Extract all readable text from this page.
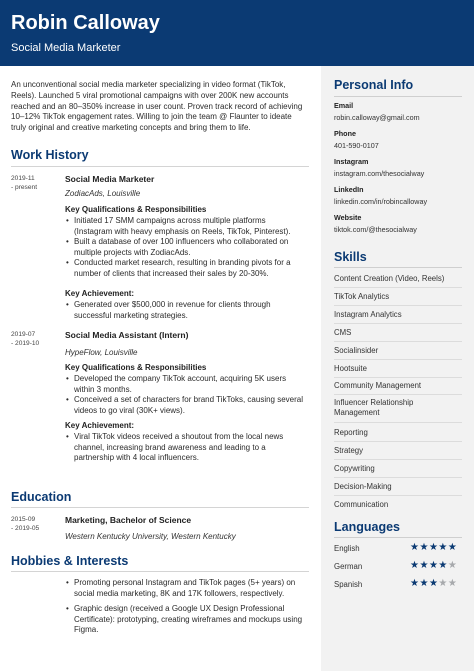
Robin Calloway
Social Media Marketer

An unconventional social media marketer specializing in video format (TikTok, Reels). Launched 5 viral promotional campaigns with over 200K new accounts reached and an 80–350% increase in user count. Proven track record of achieving 10–12% TikTok engagement rates. Willing to join the team @ Flaunter to ideate truly original and creative marketing concepts and bring them to life.

Work History
2019-11
- present
Social Media Marketer
ZodiacAds, Louisville
Key Qualifications & Responsibilities
• Initiated 17 SMM campaigns across multiple platforms (Instagram with heavy emphasis on Reels, TikTok, Pinterest).
• Built a database of over 100 influencers who collaborated on multiple projects with ZodiacAds.
• Conducted market research, resulting in branding pivots for a number of clients that increased their sales by 20-30%.
Key Achievement:
• Generated over $500,000 in revenue for clients through successful marketing strategies.
2019-07
- 2019-10
Social Media Assistant (Intern)
HypeFlow, Louisville
Key Qualifications & Responsibilities
• Developed the company TikTok account, acquiring 5K users within 3 months.
• Conceived a set of characters for brand TikToks, causing several videos to go viral (30K+ views).
Key Achievement:
• Viral TikTok videos received a shoutout from the local news channel, increasing brand awareness and leading to a partnership with 4 local influencers.
Education
2015-09
- 2019-05
Marketing, Bachelor of Science
Western Kentucky University, Western Kentucky
Hobbies & Interests
• Promoting personal Instagram and TikTok pages (5+ years) on social media marketing, 8K and 17K followers, respectively.
• Graphic design (received a Google UX Design Professional Certificate): prototyping, creating wireframes and mockups using Figma.
Personal Info
Email
robin.calloway@gmail.com
Phone
401-590-0107
Instagram
instagram.com/thesocialway
LinkedIn
linkedin.com/in/robincalloway
Website
tiktok.com/@thesocialway
Skills
Content Creation (Video, Reels)
TikTok Analytics
Instagram Analytics
CMS
Socialinsider
Hootsuite
Community Management
Influencer Relationship Management
Reporting
Strategy
Copywriting
Decision-Making
Communication
Languages
English	★★★★★
German	★★★★★
Spanish	★★★★★
